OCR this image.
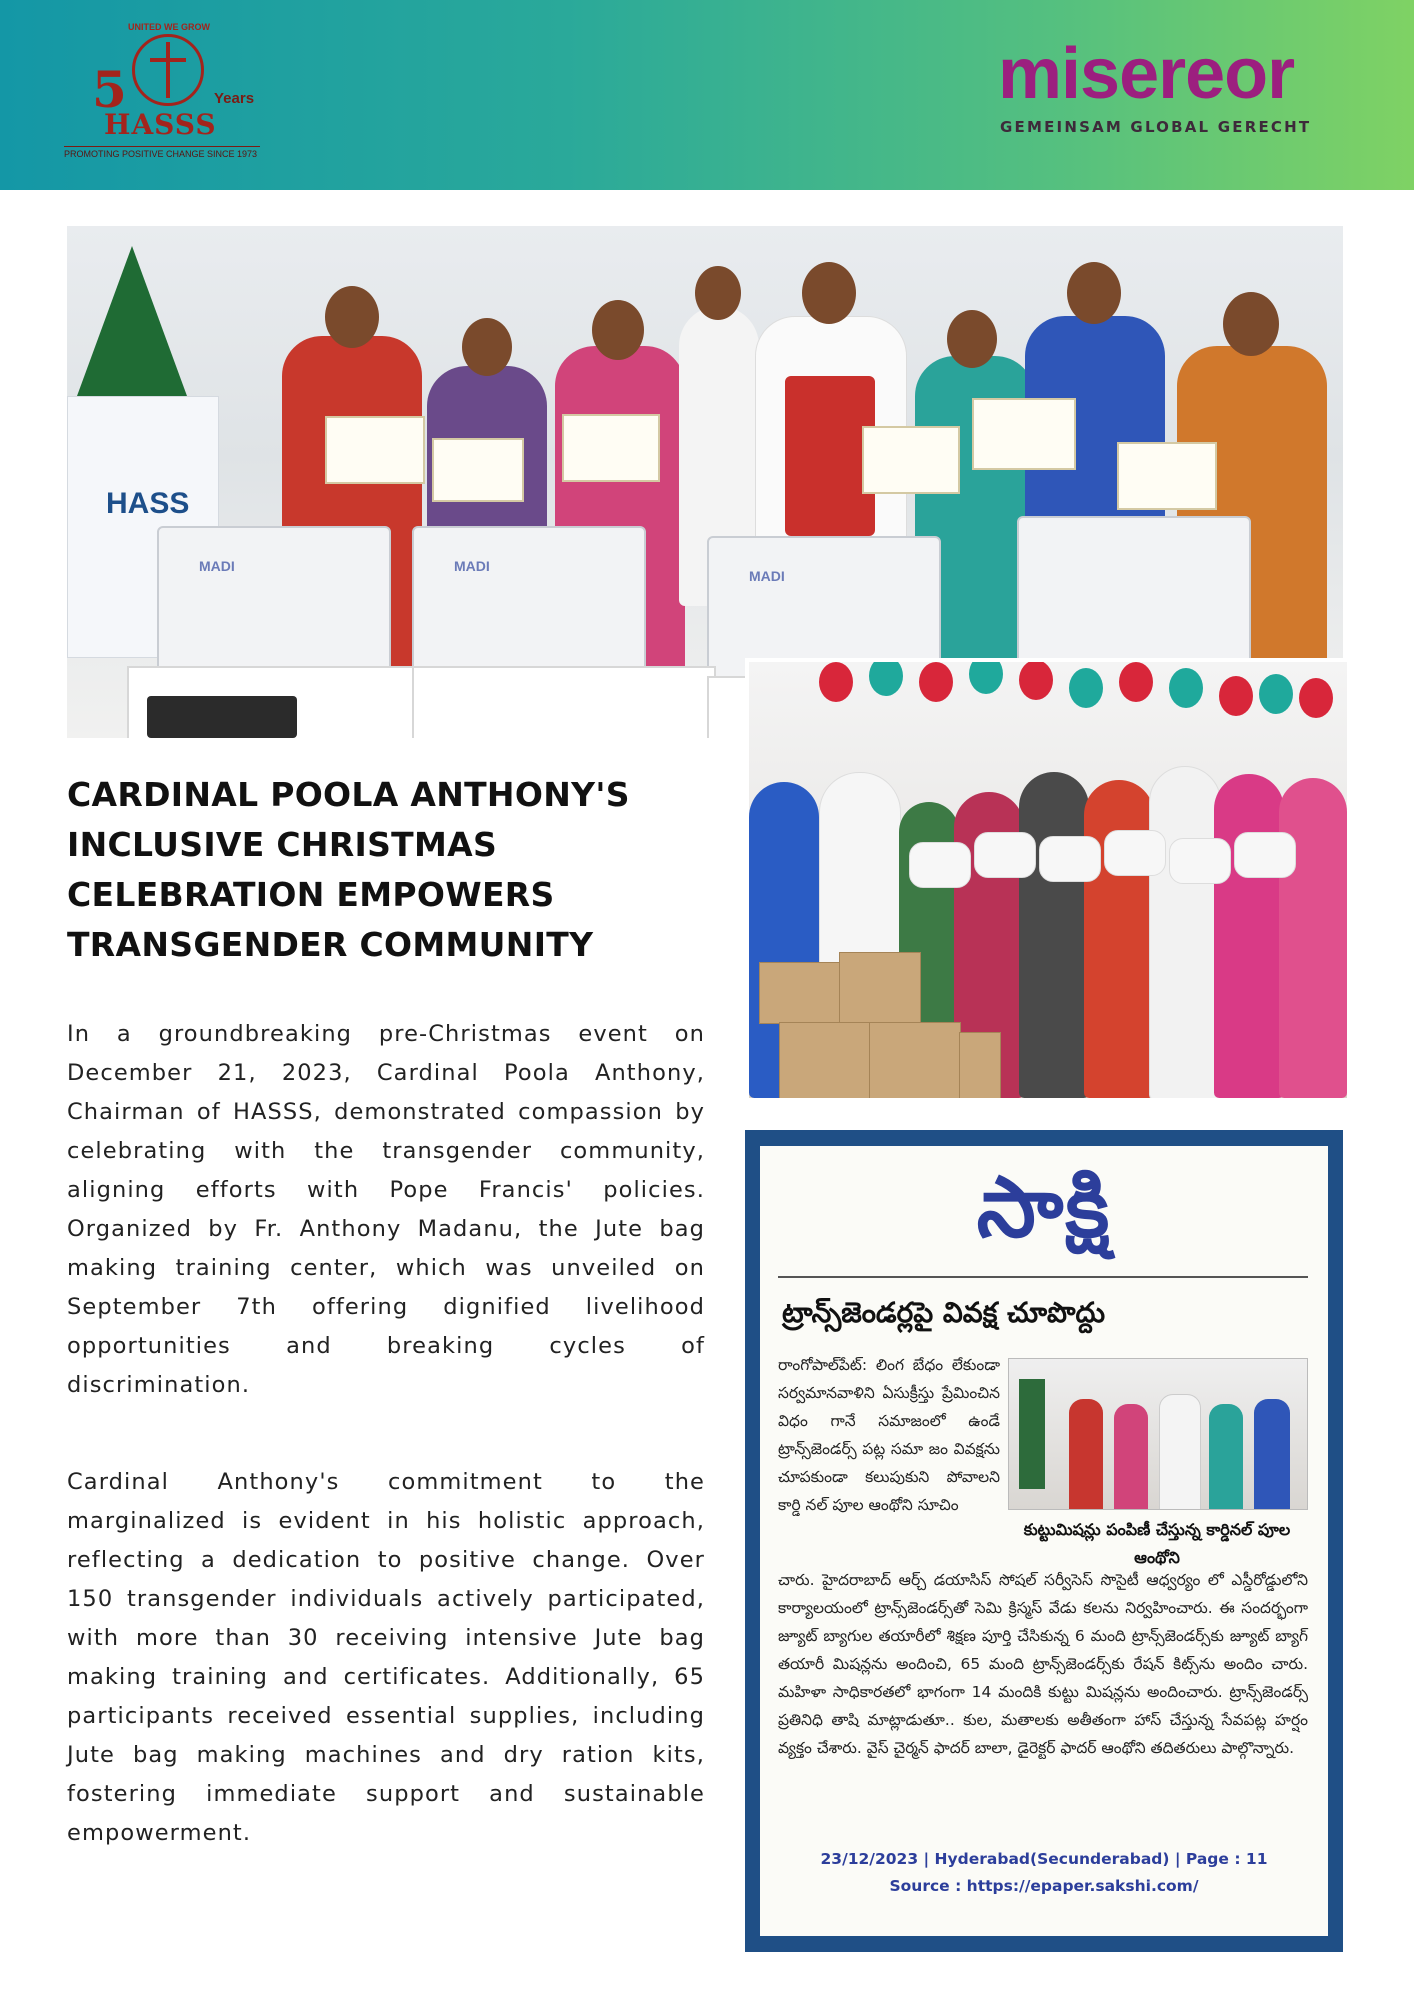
UNITED WE GROW
5	Years
HASSS
PROMOTING POSITIVE CHANGE SINCE 1973
misereor
GEMEINSAM GLOBAL GERECHT
HASS
MADI	MADI
MADI
CARDINAL POOLA ANTHONY'S INCLUSIVE CHRISTMAS CELEBRATION EMPOWERS TRANSGENDER COMMUNITY

In a groundbreaking pre-Christmas event on December 21, 2023, Cardinal Poola Anthony, Chairman of HASSS, demonstrated compassion by celebrating with the transgender community, aligning efforts with Pope Francis' policies. Organized by Fr. Anthony Madanu, the Jute bag making training center, which was unveiled on September 7th offering dignified livelihood opportunities and breaking cycles of discrimination.

Cardinal Anthony's commitment to the marginalized is evident in his holistic approach, reflecting a dedication to positive change. Over 150 transgender individuals actively participated, with more than 30 receiving intensive Jute bag making training and certificates. Additionally, 65 participants received essential supplies, including Jute bag making machines and dry ration kits, fostering immediate support and sustainable empowerment.

సాక్షి
ట్రాన్స్‌జెండర్లపై వివక్ష చూపొద్దు

రాంగోపాల్‌పేట్: లింగ బేధం లేకుండా సర్వమానవాళిని ఏసుక్రీస్తు ప్రేమించిన విధం గానే సమాజంలో ఉండే ట్రాన్స్‌జెండర్స్ పట్ల సమా జం వివక్షను చూపకుండా కలుపుకుని పోవాలని కార్డి నల్ పూల ఆంథోని సూచిం

కుట్టుమిషన్లు పంపిణీ చేస్తున్న కార్డినల్ పూల ఆంథోని

చారు. హైదరాబాద్ ఆర్చ్ డయాసిస్ సోషల్ సర్వీసెస్ సొసైటీ ఆధ్వర్యం లో ఎస్డీరోడ్డులోని కార్యాలయంలో ట్రాన్స్‌జెండర్స్‌తో సెమి క్రిస్మస్ వేడు కలను నిర్వహించారు. ఈ సందర్భంగా జ్యూట్ బ్యాగుల తయారీలో శిక్షణ పూర్తి చేసికున్న 6 మంది ట్రాన్స్‌జెండర్స్‌కు జ్యూట్ బ్యాగ్ తయారీ మిషన్లను అందించి, 65 మంది ట్రాన్స్‌జెండర్స్‌కు రేషన్ కిట్స్‌ను అందిం చారు. మహిళా సాధికారతలో భాగంగా 14 మందికి కుట్టు మిషన్లను అందించారు. ట్రాన్స్‌జెండర్స్ ప్రతినిధి తాషి మాట్లాడుతూ.. కుల, మతాలకు అతీతంగా హాస్ చేస్తున్న సేవపట్ల హర్షం వ్యక్తం చేశారు. వైస్ చైర్మన్ ఫాదర్ బాలా, డైరెక్టర్ ఫాదర్ ఆంథోని తదితరులు పాల్గొన్నారు.

23/12/2023 | Hyderabad(Secunderabad) | Page : 11
Source : https://epaper.sakshi.com/
